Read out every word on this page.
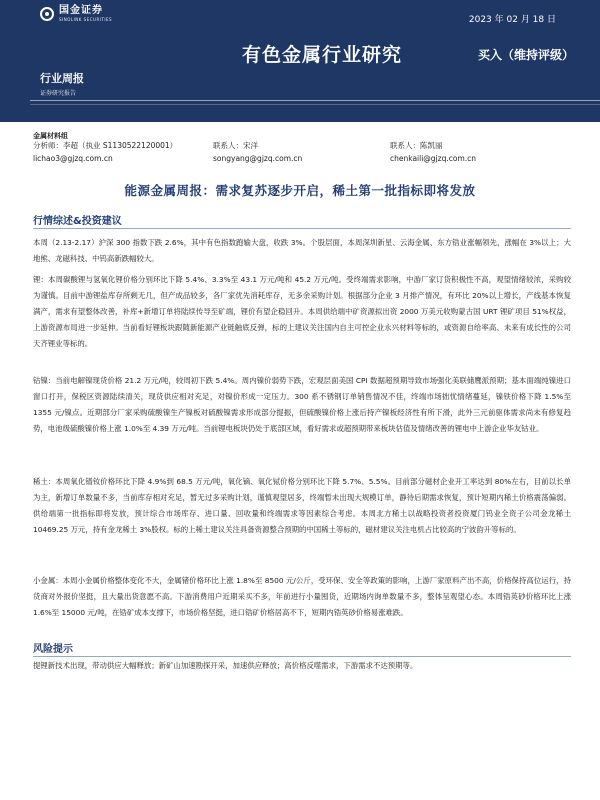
国金证券
SINOLINK SECURITIES	2023 年 02 月 18 日
有色金属行业研究	买入（维持评级）
行业周报
证券研究报告
金属材料组
分析师：李超（执业 S1130522120001）
lichao3@gjzq.com.cn
联系人：宋洋
songyang@gjzq.com.cn
联系人：陈凯丽
chenkaili@gjzq.com.cn
能源金属周报：需求复苏逐步开启，稀土第一批指标即将发放
行情综述&投资建议

本周（2.13-2.17）沪深 300 指数下跌 2.6%，其中有色指数跑输大盘，收跌 3%。个股层面，本周深圳新星、云海金属、东方锆业涨幅领先，涨幅在 3%以上；大地熊、龙磁科技、中钨高新跌幅较大。

锂：本周碳酸锂与氢氧化锂价格分别环比下降 5.4%、3.3%至 43.1 万元/吨和 45.2 万元/吨。受终端需求影响，中游厂家订货积极性不高，观望情绪较浓，采购较为谨慎。目前中游锂盐库存所剩无几，但产成品较多，各厂家优先消耗库存，无多余采购计划。根据部分企业 3 月排产情况，有环比 20%以上增长，产线基本恢复满产，需求有望整体改善，补库+新增订单将陆续传导至矿端，锂价有望企稳回升。本周供给端中矿资源拟出资 2000 万美元收购蒙古国 URT 锂矿项目 51%权益，上游资源布局进一步延伸。当前看好锂板块跟随新能源产业链触底反弹，标的上建议关注国内自主可控企业永兴材料等标的，或资源自给率高、未来有成长性的公司天齐锂业等标的。

钴镍：当前电解镍现货价格 21.2 万元/吨，较周初下跌 5.4%。周内镍价弱势下跌，宏观层面美国 CPI 数据超预期导致市场强化美联储鹰派预期；基本面端纯镍进口窗口打开，保税区资源陆续清关，现货供应相对充足，对镍价形成一定压力。300 系不锈钢订单销售情况不佳，终端市场拙忧情绪蔓延，镍铁价格下降 1.5%至 1355 元/镍点。近期部分厂家采购硫酸镍生产镍板对硫酸镍需求形成部分提振，但硫酸镍价格上涨后持产镍板经济性有所下滑，此外三元前驱体需求尚未有修复趋势，电池级硫酸镍价格上涨 1.0%至 4.39 万元/吨。当前锂电板块仍处于底部区域，看好需求或超预期带来板块估值及情绪改善的锂电中上游企业华友钴业。

稀土：本周氧化镨钕价格环比下降 4.9%到 68.5 万元/吨，氧化镝、氧化铽价格分别环比下降 5.7%、5.5%。目前部分磁材企业开工率达到 80%左右，目前以长单为主，新增订单数量不多，当前库存相对充足，暂无过多采购计划，谨慎观望居多，终端暂未出现大规模订单，静待后期需求恢复，预计短期内稀土价格震荡偏弱。供给端第一批指标即将发放，预计综合市场库存、进口量、回收量和终端需求等因素综合考虑。本周北方稀土以战略投资者投资厦门钨业全资子公司金龙稀土 10469.25 万元，持有金龙稀土 3%股权。标的上稀土建议关注具备资源整合预期的中国稀土等标的，磁材建议关注电机占比较高的宁波韵升等标的。

小金属：本周小金属价格整体变化不大，金属锗价格环比上涨 1.8%至 8500 元/公斤，受环保、安全等政策的影响，上游厂家原料产出不高，价格保持高位运行，持货商对外报价坚挺，且大量出货意愿不高。下游消费用户近期采买不多，年前进行小量囤货，近期场内询单数量不多，整体呈观望心态。本周锆英砂价格环比上涨 1.6%至 15000 元/吨，在锆矿成本支撑下，市场价格坚挺，进口锆矿价格居高不下，短期内锆英砂价格易涨难跌。

风险提示

提锂新技术出现，带动供应大幅释放；新矿山加速勘探开采，加速供应释放；高价格反噬需求，下游需求不达预期等。
